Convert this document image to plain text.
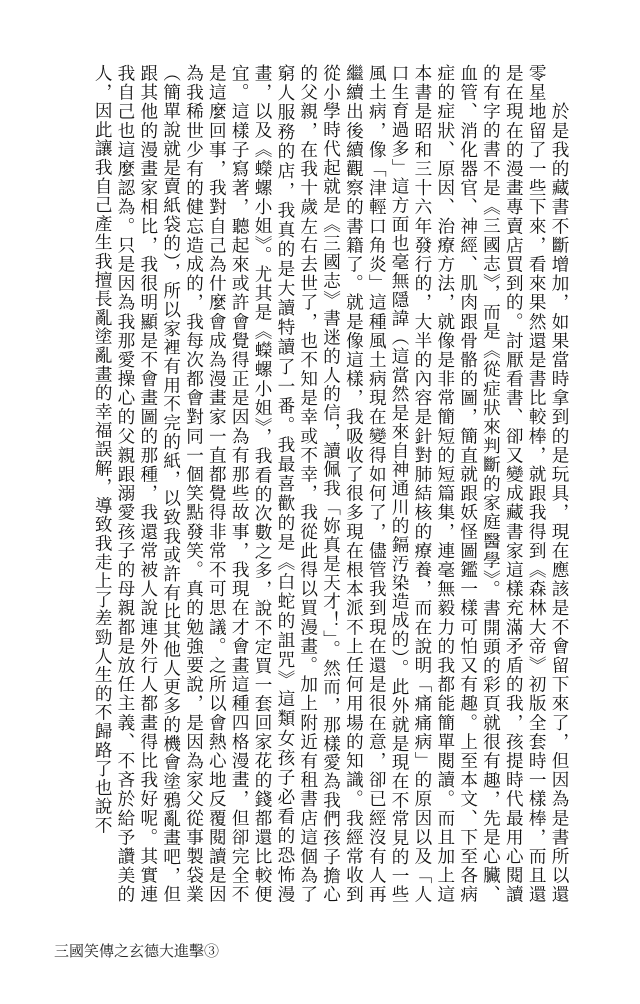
　　於是我的藏書不斷增加，如果當時拿到的是玩具，現在應該是不會留下來了，但因為是書所以還零星地留了一些下來，看來果然還是書比較棒，就跟我得到《森林大帝》初版全套時一樣棒，而且還是在現在的漫畫專賣店買到的。討厭看書、卻又變成藏書家這樣充滿矛盾的我，孩提時代最用心閱讀的有字的書不是《三國志》，而是《從症狀來判斷的家庭醫學》。書開頭的彩頁就很有趣，先是心臟、血管、消化器官、神經、肌肉跟骨骼的圖，簡直就跟妖怪圖鑑一樣可怕又有趣。上至本文、下至各病症的症狀、原因、治療方法，就像是非常簡短的短篇集，連毫無毅力的我都能簡單閱讀。而且加上這本書是昭和三十六年發行的，大半的內容是針對肺結核的療養，而在說明「痛痛病」的原因以及「人口生育過多」這方面也毫無隱諱（這當然是來自神通川的鎘汚染造成的）。此外就是現在不常見的一些風土病，像「津輕口角炎」這種風土病現在變得如何了，儘管我到現在還是很在意，卻已經沒有人再繼續出後續觀察的書籍了。就是像這樣，我吸收了很多現在根本派不上任何用場的知識。我經常收到從小學時代起就是《三國志》書迷的人的信，讀佩我「妳真是天才！」。然而，那樣愛為我們孩子擔心的父親，在我十歲左右去世了，也不知是幸或不幸，我從此得以買漫畫。加上附近有租書店這個為了窮人服務的店，我真的是大讀特讀了一番。我最喜歡的是《白蛇的詛咒》這類女孩子必看的恐怖漫畫，以及《蠑螺小姐》。尤其是《蠑螺小姐》，我看的次數之多，說不定買一套回家花的錢都還比較便宜。這樣子寫著，聽起來或許會覺得正是因為有那些故事，我現在才會畫這種四格漫畫，但卻完全不是這麼回事，我對自己為什麼會成為漫畫家一直都覺得非常不可思議。之所以會熱心地反覆閱讀是因為我稀世少有的健忘造成的，我每次都會對同一個笑點發笑。真的勉強要說，是因為家父從事製袋業（簡單說就是賣紙袋的），所以家裡有用不完的紙，以致我或許有比其他人更多的機會塗鴉亂畫吧，但跟其他的漫畫家相比，我很明顯是不會畫圖的那種，我還常被人說連外行人都畫得比我好呢。其實連我自己也這麼認為。只是因為我那愛操心的父親跟溺愛孩子的母親都是放任主義、不吝於給予讚美的人，因此讓我自己產生我擅長亂塗亂畫的幸福誤解，導致我走上了差勁人生的不歸路了也說不

三國笑傳之玄德大進擊③
